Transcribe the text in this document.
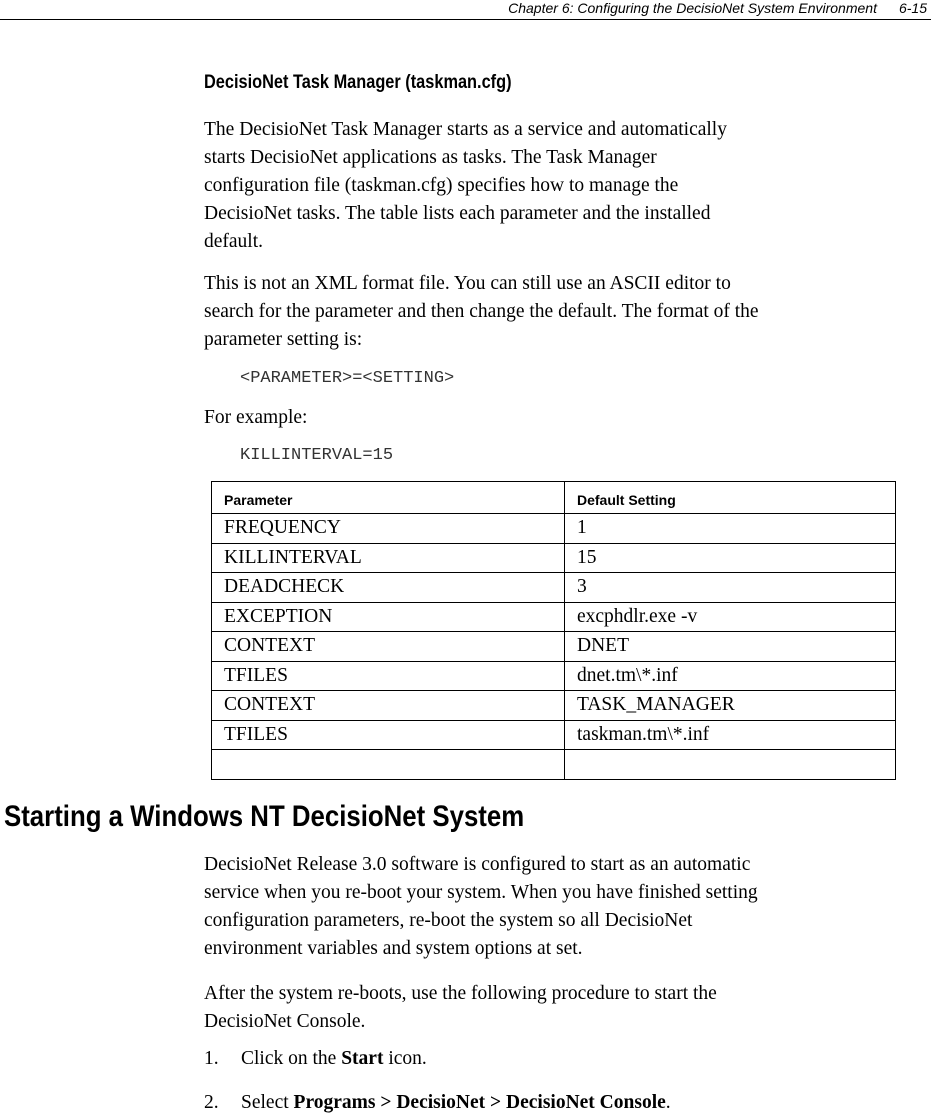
Chapter 6: Configuring the DecisioNet System Environment 6-15
DecisioNet Task Manager (taskman.cfg)
The DecisioNet Task Manager starts as a service and automatically
starts DecisioNet applications as tasks. The Task Manager
configuration file (taskman.cfg) specifies how to manage the
DecisioNet tasks. The table lists each parameter and the installed
default.
This is not an XML format file. You can still use an ASCII editor to
search for the parameter and then change the default. The format of the
parameter setting is:
<PARAMETER>=<SETTING>
For example:
KILLINTERVAL=15
Parameter	Default Setting
FREQUENCY	1
KILLINTERVAL	15
DEADCHECK	3
EXCEPTION	excphdlr.exe -v
CONTEXT	DNET
TFILES	dnet.tm\*.inf
CONTEXT	TASK_MANAGER
TFILES	taskman.tm\*.inf

Starting a Windows NT DecisioNet System
DecisioNet Release 3.0 software is configured to start as an automatic
service when you re-boot your system. When you have finished setting
configuration parameters, re-boot the system so all DecisioNet
environment variables and system options at set.
After the system re-boots, use the following procedure to start the
DecisioNet Console.
1. Click on the Start icon.
2. Select Programs > DecisioNet > DecisioNet Console.
